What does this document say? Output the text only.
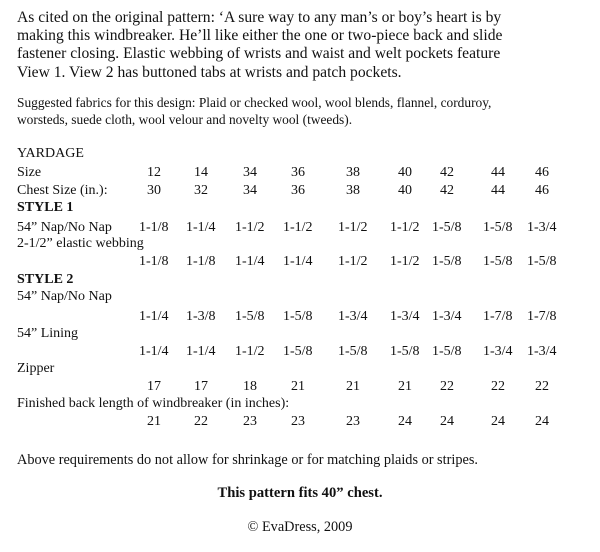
As cited on the original pattern: ‘A sure way to any man’s or boy’s heart is by
making this windbreaker. He’ll like either the one or two-piece back and slide
fastener closing. Elastic webbing of wrists and waist and welt pockets feature
View 1. View 2 has buttoned tabs at wrists and patch pockets.
Suggested fabrics for this design: Plaid or checked wool, wool blends, flannel, corduroy,
worsteds, suede cloth, wool velour and novelty wool (tweeds).
YARDAGE
Size	12 14	34 36	38	40 42	44 46
Chest Size (in.):	30 32	34 36	38	40 42	44 46
STYLE 1
54” Nap/No Nap 1-1/8 1-1/4 1-1/2 1-1/2 1-1/2 1-1/2 1-5/8 1-5/8 1-3/4
2-1/2” elastic webbing
1-1/8 1-1/8 1-1/4 1-1/4 1-1/2 1-1/2 1-5/8 1-5/8 1-5/8
STYLE 2
54” Nap/No Nap
1-1/4 1-3/8 1-5/8 1-5/8 1-3/4 1-3/4 1-3/4 1-7/8 1-7/8
54” Lining
1-1/4 1-1/4 1-1/2 1-5/8 1-5/8 1-5/8 1-5/8 1-3/4 1-3/4
Zipper
17 17	18 21	21	21 22	22 22
Finished back length of windbreaker (in inches):
21 22	23 23	23	24 24	24 24
Above requirements do not allow for shrinkage or for matching plaids or stripes.
This pattern fits 40” chest.
© EvaDress, 2009
